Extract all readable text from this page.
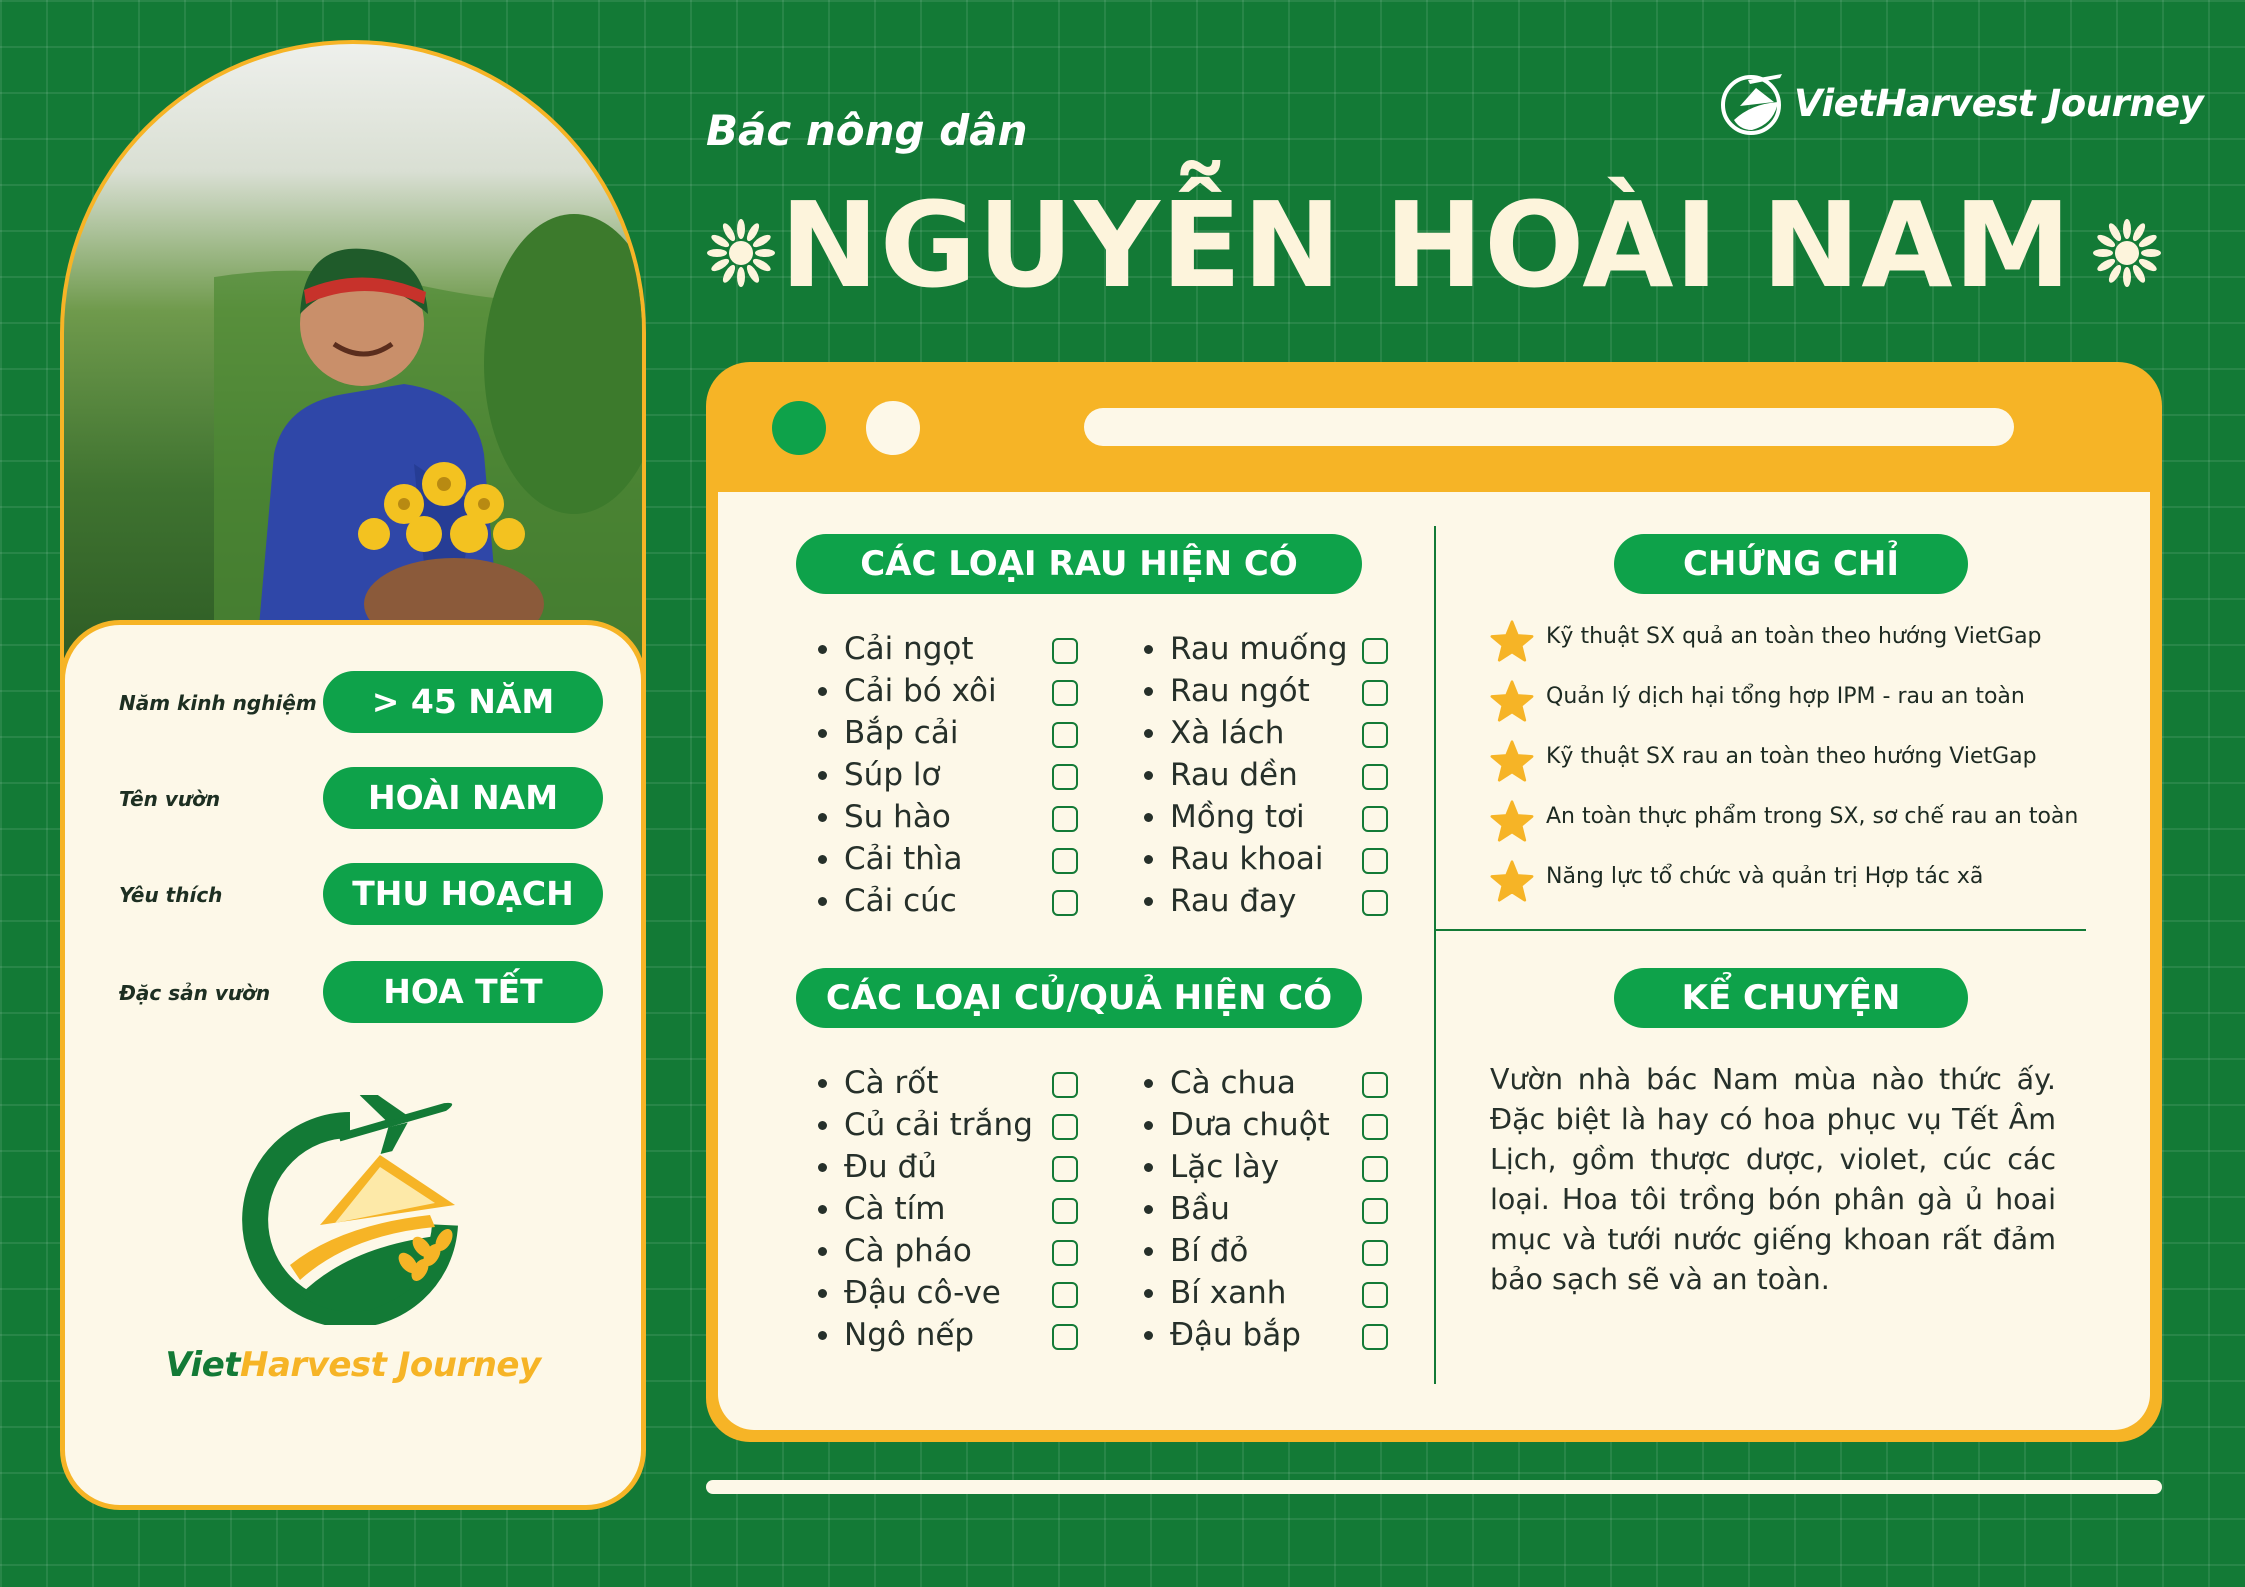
Năm kinh nghiệm	> 45 NĂM
Tên vườn	HOÀI NAM
Yêu thích	THU HOẠCH
Đặc sản vườn	HOA TẾT
VietHarvest Journey
VietHarvest Journey
Bác nông dân
NGUYỄN HOÀI NAM
CÁC LOẠI RAU HIỆN CÓ
Cải ngọt
Cải bó xôi
Bắp cải
Súp lơ
Su hào
Cải thìa
Cải cúc
Rau muống
Rau ngót
Xà lách
Rau dền
Mồng tơi
Rau khoai
Rau đay
CÁC LOẠI CỦ/QUẢ HIỆN CÓ
Cà rốt
Củ cải trắng
Đu đủ
Cà tím
Cà pháo
Đậu cô-ve
Ngô nếp
Cà chua
Dưa chuột
Lặc lày
Bầu
Bí đỏ
Bí xanh
Đậu bắp
CHỨNG CHỈ
Kỹ thuật SX quả an toàn theo hướng VietGap
Quản lý dịch hại tổng hợp IPM - rau an toàn
Kỹ thuật SX rau an toàn theo hướng VietGap
An toàn thực phẩm trong SX, sơ chế rau an toàn
Năng lực tổ chức và quản trị Hợp tác xã
KỂ CHUYỆN
Vườn nhà bác Nam mùa nào thức ấy. Đặc biệt là hay có hoa phục vụ Tết Âm Lịch, gồm thược dược, violet, cúc các loại. Hoa tôi trồng bón phân gà ủ hoai mục và tưới nước giếng khoan rất đảm bảo sạch sẽ và an toàn.
